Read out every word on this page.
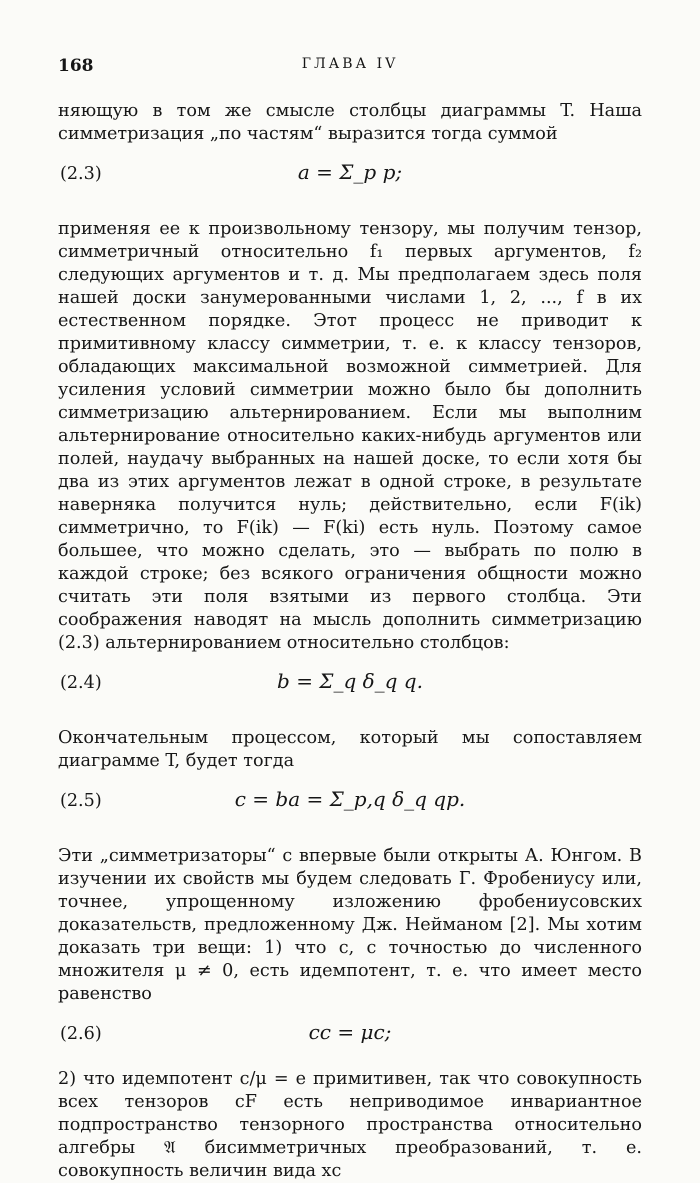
168	ГЛАВА IV

няющую в том же смысле столбцы диаграммы T. Наша симметризация „по частям“ выразится тогда суммой

(2.3)	a = Σ_p p;

применяя ее к произвольному тензору, мы получим тензор, симметричный относительно f₁ первых аргументов, f₂ следующих аргументов и т. д. Мы предполагаем здесь поля нашей доски занумерованными числами 1, 2, ..., f в их естественном порядке. Этот процесс не приводит к примитивному классу симметрии, т. е. к классу тензоров, обладающих максимальной возможной симметрией. Для усиления условий симметрии можно было бы дополнить симметризацию альтернированием. Если мы выполним альтернирование относительно каких-нибудь аргументов или полей, наудачу выбранных на нашей доске, то если хотя бы два из этих аргументов лежат в одной строке, в результате наверняка получится нуль; действительно, если F(ik) симметрично, то F(ik) — F(ki) есть нуль. Поэтому самое большее, что можно сделать, это — выбрать по полю в каждой строке; без всякого ограничения общности можно считать эти поля взятыми из первого столбца. Эти соображения наводят на мысль дополнить симметризацию (2.3) альтернированием относительно столбцов:

(2.4)	b = Σ_q δ_q q.

Окончательным процессом, который мы сопоставляем диаграмме T, будет тогда

(2.5)	c = ba = Σ_p,q δ_q qp.

Эти „симметризаторы“ c впервые были открыты А. Юнгом. В изучении их свойств мы будем следовать Г. Фробениусу или, точнее, упрощенному изложению фробениусовских доказательств, предложенному Дж. Нейманом [2]. Мы хотим доказать три вещи: 1) что c, с точностью до численного множителя μ ≠ 0, есть идемпотент, т. е. что имеет место равенство

(2.6)	cc = μc;

2) что идемпотент c/μ = e примитивен, так что совокупность всех тензоров cF есть неприводимое инвариантное подпространство тензорного пространства относительно алгебры 𝔄 бисимметричных преобразований, т. е. совокупность величин вида xc
